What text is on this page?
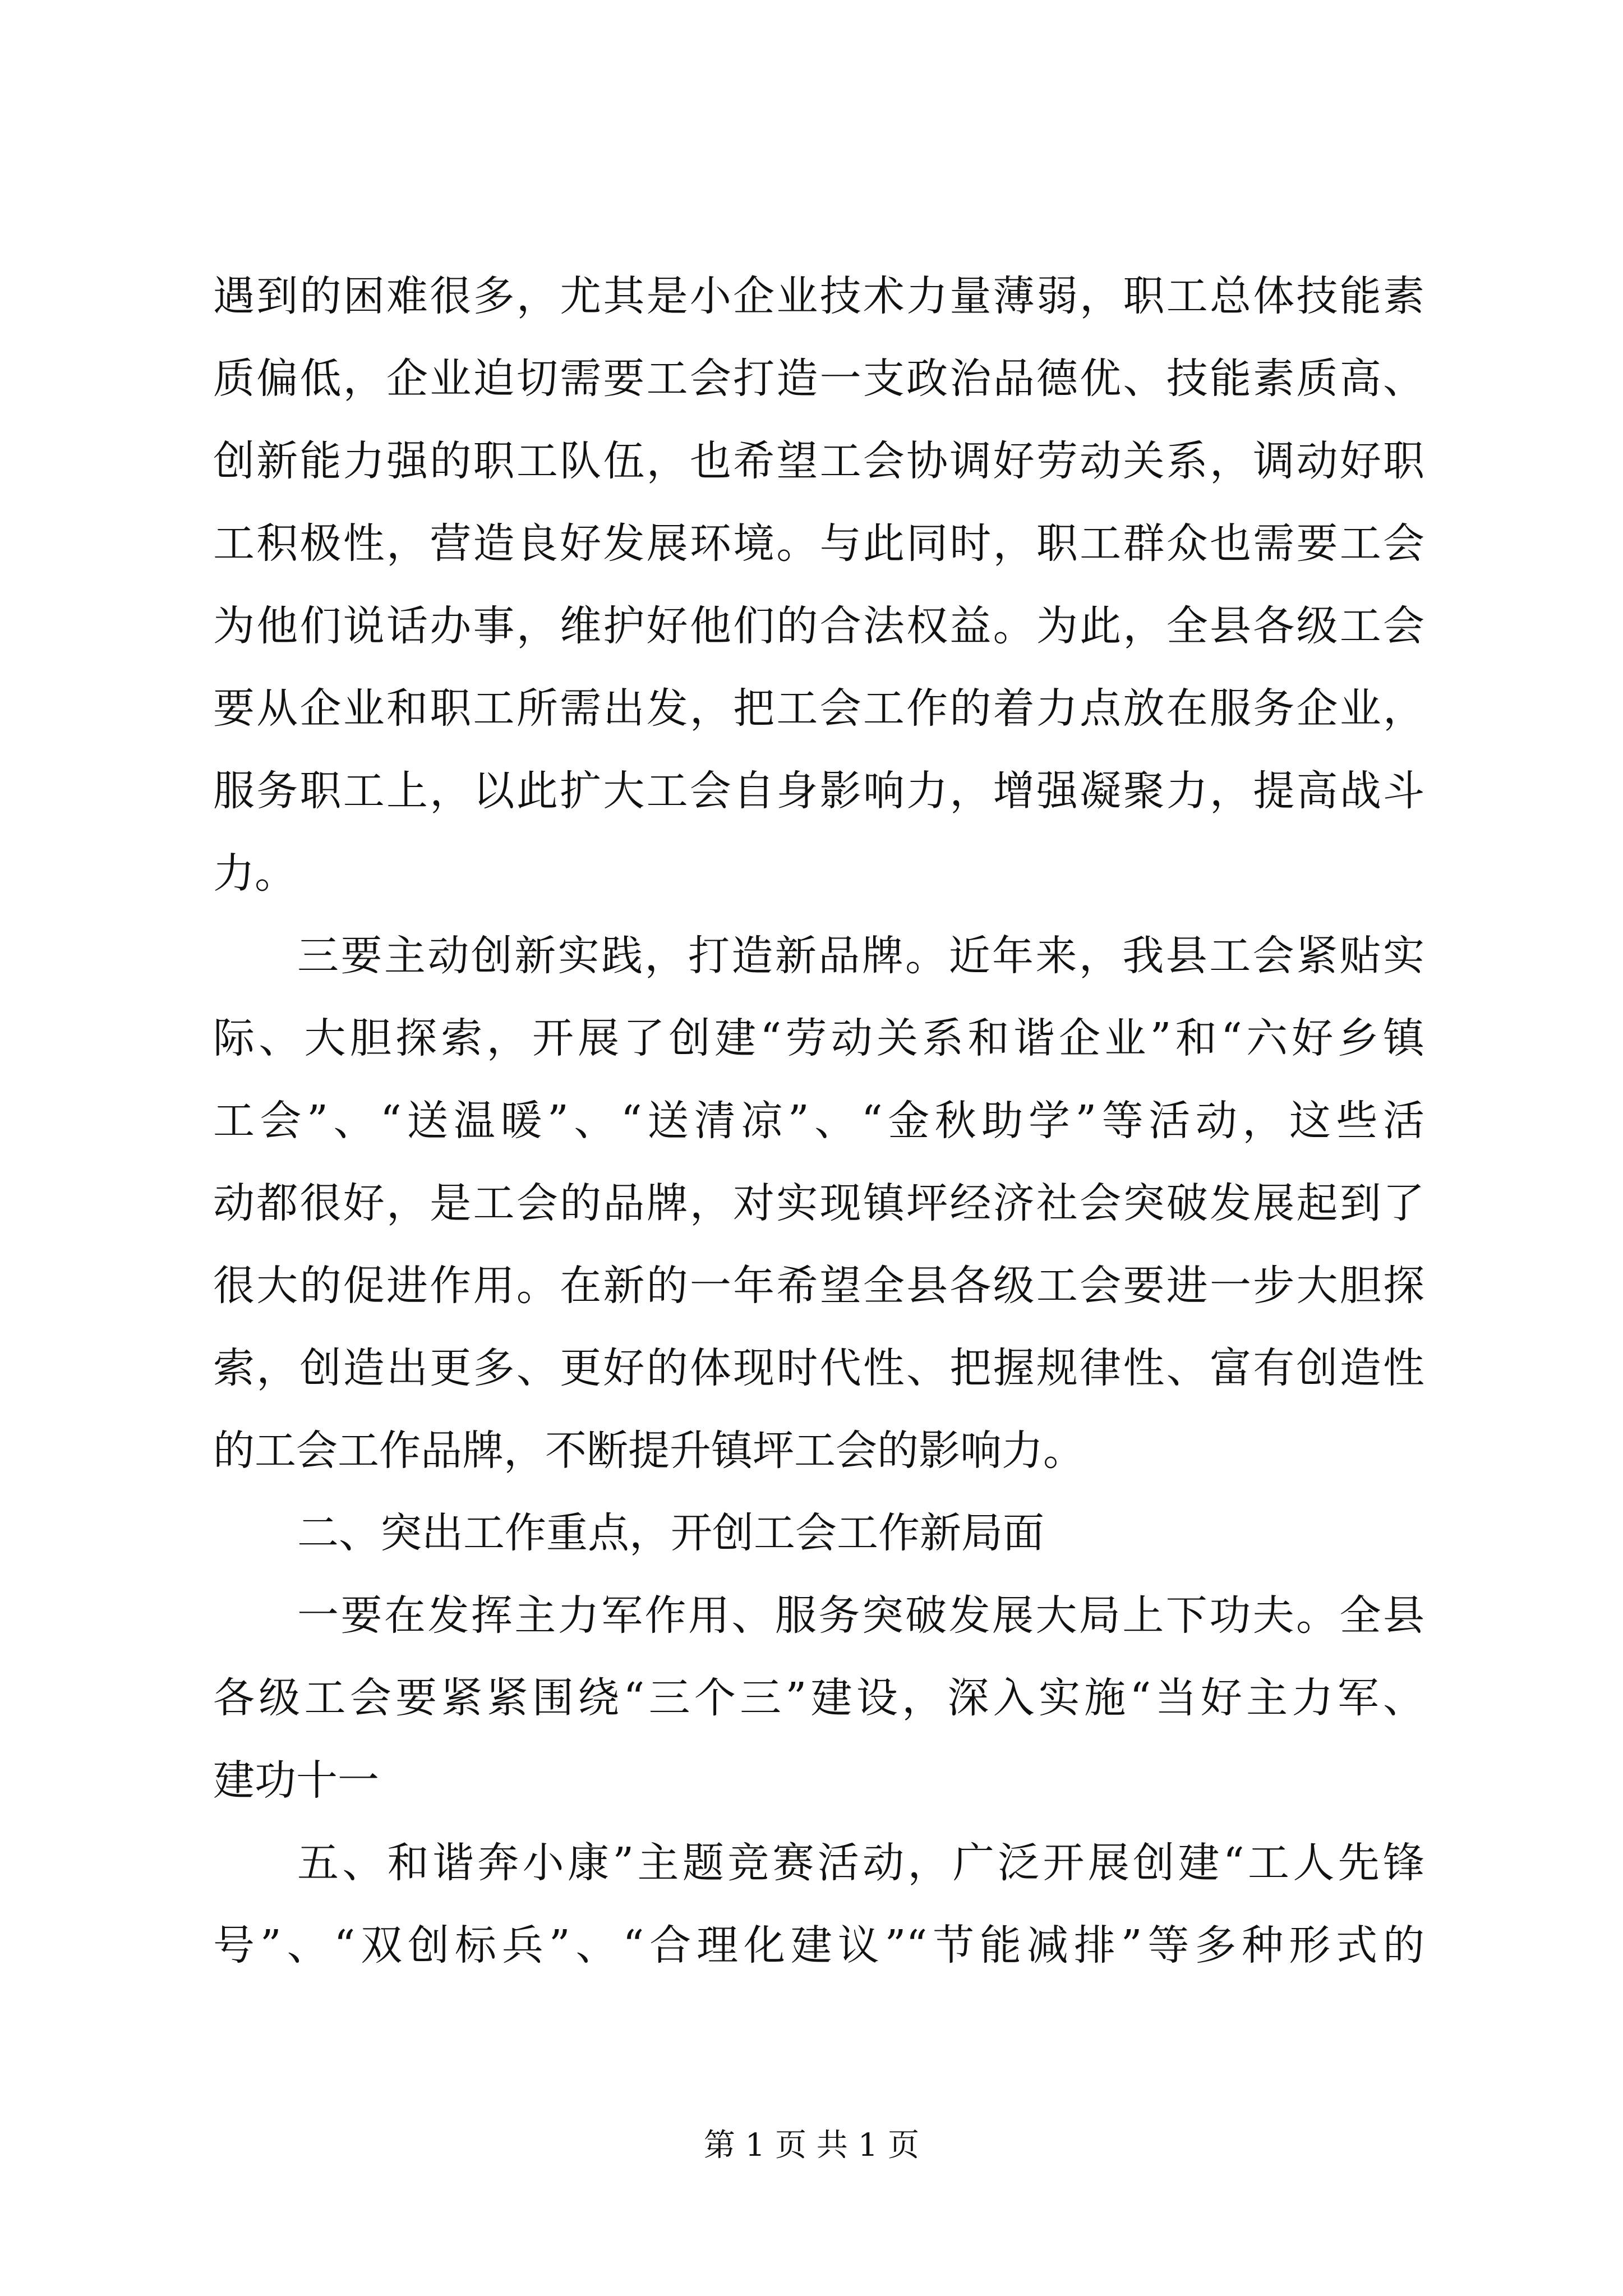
遇到的困难很多，尤其是小企业技术力量薄弱，职工总体技能素
质偏低，企业迫切需要工会打造一支政治品德优、技能素质高、
创新能力强的职工队伍，也希望工会协调好劳动关系，调动好职
工积极性，营造良好发展环境。与此同时，职工群众也需要工会
为他们说话办事，维护好他们的合法权益。为此，全县各级工会
要从企业和职工所需出发，把工会工作的着力点放在服务企业，
服务职工上，以此扩大工会自身影响力，增强凝聚力，提高战斗
力。
三要主动创新实践，打造新品牌。近年来，我县工会紧贴实
际、大胆探索，开展了创建“劳动关系和谐企业”和“六好乡镇
工会”、“送温暖”、“送清凉”、“金秋助学”等活动，这些活
动都很好，是工会的品牌，对实现镇坪经济社会突破发展起到了
很大的促进作用。在新的一年希望全县各级工会要进一步大胆探
索，创造出更多、更好的体现时代性、把握规律性、富有创造性
的工会工作品牌，不断提升镇坪工会的影响力。
二、突出工作重点，开创工会工作新局面
一要在发挥主力军作用、服务突破发展大局上下功夫。全县
各级工会要紧紧围绕“三个三”建设，深入实施“当好主力军、
建功十一
五、和谐奔小康”主题竞赛活动，广泛开展创建“工人先锋
号”、“双创标兵”、“合理化建议”“节能减排”等多种形式的
第 1 页 共 1 页
